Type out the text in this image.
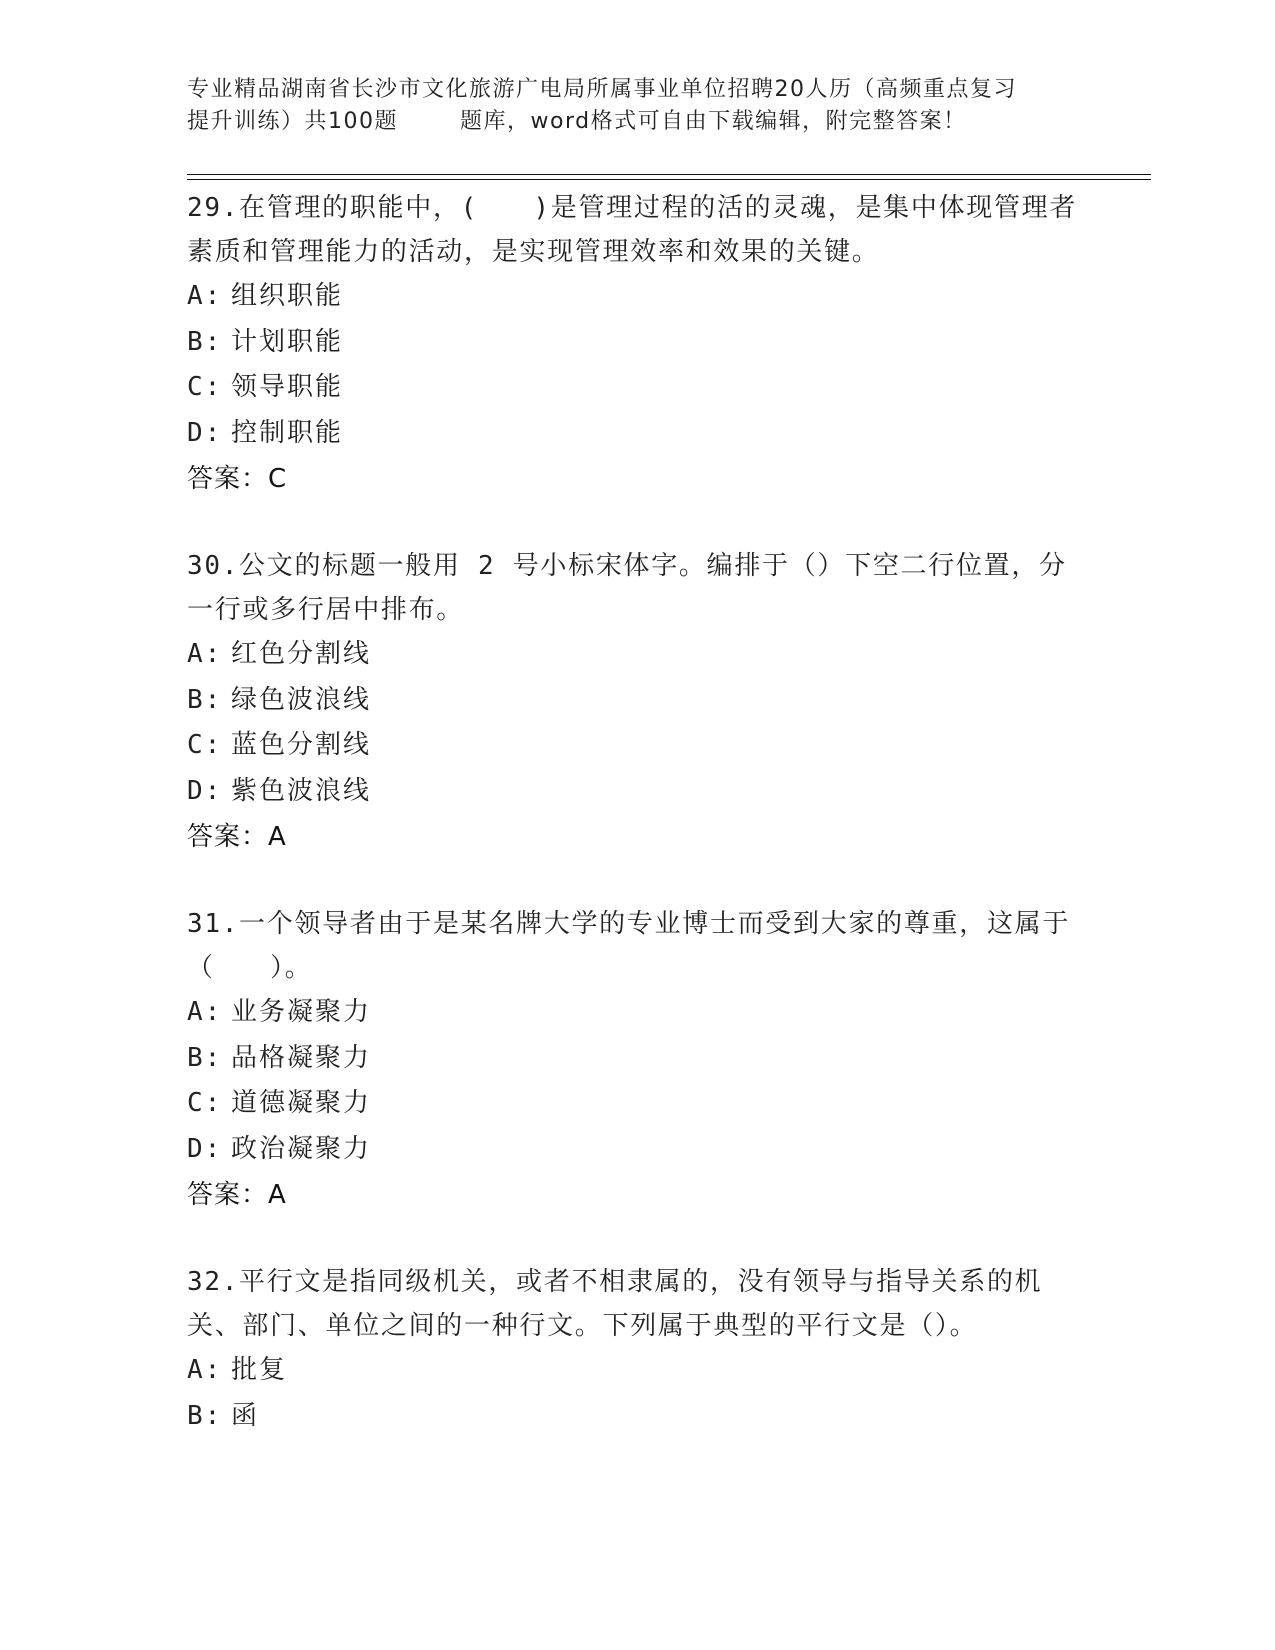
专业精品湖南省长沙市文化旅游广电局所属事业单位招聘20人历（高频重点复习
提升训练）共100题	题库，word格式可自由下载编辑，附完整答案！
29.在管理的职能中，(　　)是管理过程的活的灵魂，是集中体现管理者素质和管理能力的活动，是实现管理效率和效果的关键。
A: 组织职能
B: 计划职能
C: 领导职能
D: 控制职能
答案：C
30.公文的标题一般用 2 号小标宋体字。编排于（）下空二行位置，分一行或多行居中排布。
A: 红色分割线
B: 绿色波浪线
C: 蓝色分割线
D: 紫色波浪线
答案：A
31.一个领导者由于是某名牌大学的专业博士而受到大家的尊重，这属于（　　）。
A: 业务凝聚力
B: 品格凝聚力
C: 道德凝聚力
D: 政治凝聚力
答案：A
32.平行文是指同级机关，或者不相隶属的，没有领导与指导关系的机关、部门、单位之间的一种行文。下列属于典型的平行文是（）。
A: 批复
B: 函
